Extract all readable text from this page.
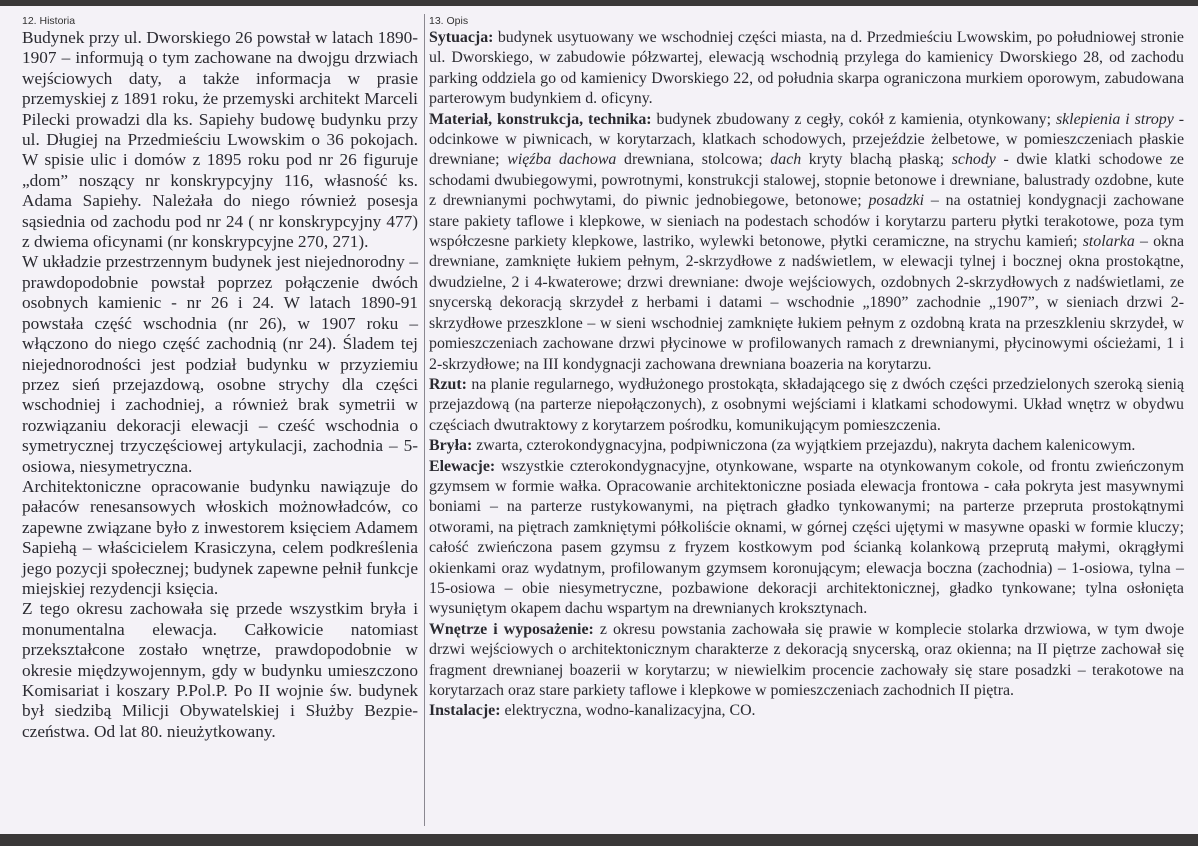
12. Historia

Budynek przy ul. Dworskiego 26 powstał w latach 1890-1907 – informują o tym zachowane na dwojgu drzwiach wejściowych daty, a także informacja w prasie przemyskiej z 1891 roku, że przemyski architekt Marceli Pilecki prowadzi dla ks. Sapiehy budowę budynku przy ul. Długiej na Przedmieściu Lwowskim o 36 pokojach. W spisie ulic i domów z 1895 roku pod nr 26 figuruje „dom” noszący nr konskrypcyjny 116, własność ks. Adama Sapiehy. Należała do niego również posesja sąsiednia od zachodu pod nr 24 ( nr konskrypcyjny 477) z dwiema oficynami (nr konskrypcyjne 270, 271).

W układzie przestrzennym budynek jest niejednorodny – prawdopodobnie powstał poprzez połączenie dwóch osobnych kamienic - nr 26 i 24. W latach 1890-91 powstała część wschodnia (nr 26), w 1907 roku – włączono do niego część zachodnią (nr 24). Śladem tej niejednorodności jest podział budynku w przyziemiu przez sień przejazdową, osobne strychy dla części wschodniej i zachodniej, a również brak symetrii w rozwiązaniu dekoracji elewacji – cześć wschodnia o symetrycznej trzyczęściowej artykulacji, zachodnia – 5-osiowa, niesymetryczna.

Architektoniczne opracowanie budynku nawiązuje do pałaców renesansowych włoskich możnowładców, co zapewne związane było z inwestorem księciem Adamem Sapiehą – właścicielem Krasiczyna, celem podkreślenia jego pozycji społecznej; budynek zapewne pełnił funkcje miejskiej rezydencji księcia.

Z tego okresu zachowała się przede wszystkim bryła i monumentalna elewacja. Całkowicie natomiast przekształcone zostało wnętrze, prawdopodobnie w okresie międzywojennym, gdy w budynku umieszczono Komisariat i koszary P.Pol.P. Po II wojnie św. budynek był siedzibą Milicji Obywatelskiej i Służby Bezpie-czeństwa. Od lat 80. nieużytkowany.

13. Opis

Sytuacja: budynek usytuowany we wschodniej części miasta, na d. Przedmieściu Lwowskim, po południowej stronie ul. Dworskiego, w zabudowie półzwartej, elewacją wschodnią przylega do kamienicy Dworskiego 28, od zachodu parking oddziela go od kamienicy Dworskiego 22, od południa skarpa ograniczona murkiem oporowym, zabudowana parterowym budynkiem d. oficyny.

Materiał, konstrukcja, technika: budynek zbudowany z cegły, cokół z kamienia, otynkowany; sklepienia i stropy - odcinkowe w piwnicach, w korytarzach, klatkach schodowych, przejeździe żelbetowe, w pomieszczeniach płaskie drewniane; więźba dachowa drewniana, stolcowa; dach kryty blachą płaską; schody - dwie klatki schodowe ze schodami dwubiegowymi, powrotnymi, konstrukcji stalowej, stopnie betonowe i drewniane, balustrady ozdobne, kute z drewnianymi pochwytami, do piwnic jednobiegowe, betonowe; posadzki – na ostatniej kondygnacji zachowane stare pakiety taflowe i klepkowe, w sieniach na podestach schodów i korytarzu parteru płytki terakotowe, poza tym współczesne parkiety klepkowe, lastriko, wylewki betonowe, płytki ceramiczne, na strychu kamień; stolarka – okna drewniane, zamknięte łukiem pełnym, 2-skrzydłowe z nadświetlem, w elewacji tylnej i bocznej okna prostokątne, dwudzielne, 2 i 4-kwaterowe; drzwi drewniane: dwoje wejściowych, ozdobnych 2-skrzydłowych z nadświetlami, ze snycerską dekoracją skrzydeł z herbami i datami – wschodnie „1890” zachodnie „1907”, w sieniach drzwi 2-skrzydłowe przeszklone – w sieni wschodniej zamknięte łukiem pełnym z ozdobną krata na przeszkleniu skrzydeł, w pomieszczeniach zachowane drzwi płycinowe w profilowanych ramach z drewnianymi, płycinowymi ościeżami, 1 i 2-skrzydłowe; na III kondygnacji zachowana drewniana boazeria na korytarzu.

Rzut: na planie regularnego, wydłużonego prostokąta, składającego się z dwóch części przedzielonych szeroką sienią przejazdową (na parterze niepołączonych), z osobnymi wejściami i klatkami schodowymi. Układ wnętrz w obydwu częściach dwutraktowy z korytarzem pośrodku, komunikującym pomieszczenia.

Bryła: zwarta, czterokondygnacyjna, podpiwniczona (za wyjątkiem przejazdu), nakryta dachem kalenicowym.

Elewacje: wszystkie czterokondygnacyjne, otynkowane, wsparte na otynkowanym cokole, od frontu zwieńczonym gzymsem w formie wałka. Opracowanie architektoniczne posiada elewacja frontowa - cała pokryta jest masywnymi boniami – na parterze rustykowanymi, na piętrach gładko tynkowanymi; na parterze przepruta prostokątnymi otworami, na piętrach zamkniętymi półkoliście oknami, w górnej części ujętymi w masywne opaski w formie kluczy; całość zwieńczona pasem gzymsu z fryzem kostkowym pod ścianką kolankową przeprutą małymi, okrągłymi okienkami oraz wydatnym, profilowanym gzymsem koronującym; elewacja boczna (zachodnia) – 1-osiowa, tylna – 15-osiowa – obie niesymetryczne, pozbawione dekoracji architektonicznej, gładko tynkowane; tylna osłonięta wysuniętym okapem dachu wspartym na drewnianych kroksztynach.

Wnętrze i wyposażenie: z okresu powstania zachowała się prawie w komplecie stolarka drzwiowa, w tym dwoje drzwi wejściowych o architektonicznym charakterze z dekoracją snycerską, oraz okienna; na II piętrze zachował się fragment drewnianej boazerii w korytarzu; w niewielkim procencie zachowały się stare posadzki – terakotowe na korytarzach oraz stare parkiety taflowe i klepkowe w pomieszczeniach zachodnich II piętra.

Instalacje: elektryczna, wodno-kanalizacyjna, CO.
